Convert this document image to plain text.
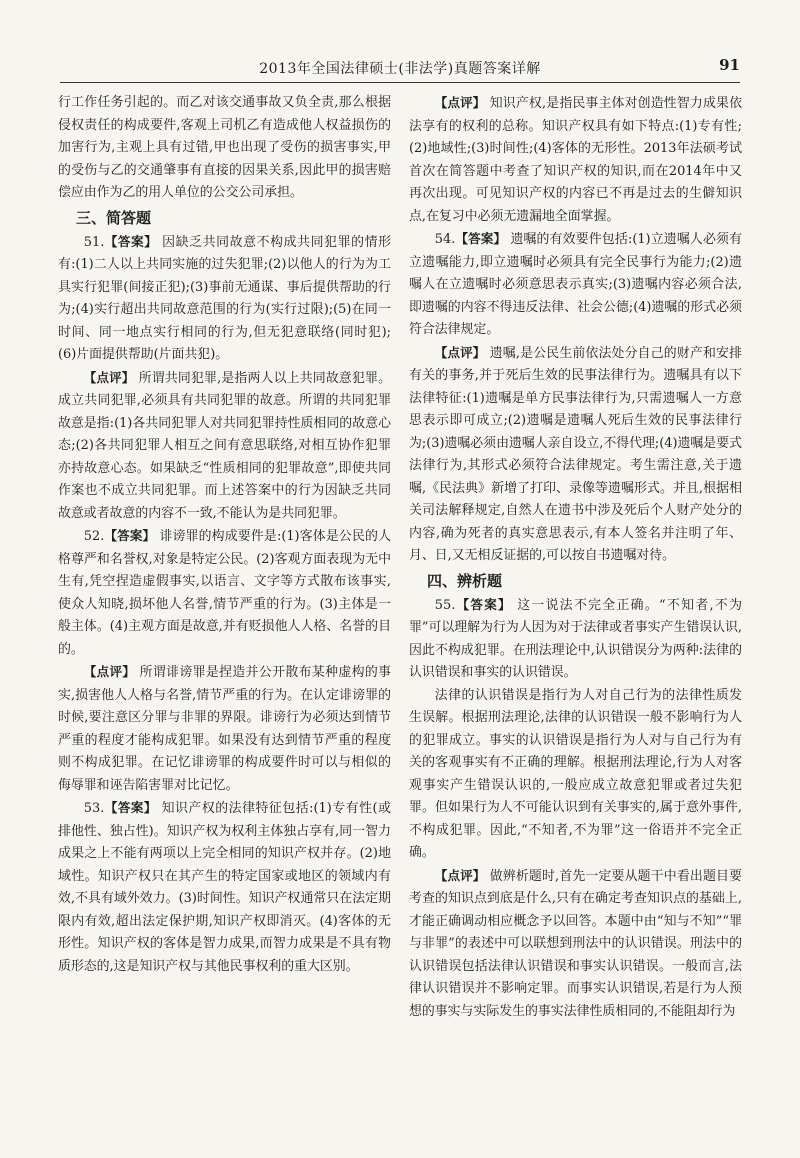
2013年全国法律硕士(非法学)真题答案详解	91

行工作任务引起的。而乙对该交通事故又负全责,那么根据侵权责任的构成要件,客观上司机乙有造成他人权益损伤的加害行为,主观上具有过错,甲也出现了受伤的损害事实,甲的受伤与乙的交通肇事有直接的因果关系,因此甲的损害赔偿应由作为乙的用人单位的公交公司承担。

三、简答题

51.【答案】 因缺乏共同故意不构成共同犯罪的情形有:(1)二人以上共同实施的过失犯罪;(2)以他人的行为为工具实行犯罪(间接正犯);(3)事前无通谋、事后提供帮助的行为;(4)实行超出共同故意范围的行为(实行过限);(5)在同一时间、同一地点实行相同的行为,但无犯意联络(同时犯);(6)片面提供帮助(片面共犯)。

【点评】 所谓共同犯罪,是指两人以上共同故意犯罪。成立共同犯罪,必须具有共同犯罪的故意。所谓的共同犯罪故意是指:(1)各共同犯罪人对共同犯罪持性质相同的故意心态;(2)各共同犯罪人相互之间有意思联络,对相互协作犯罪亦持故意心态。如果缺乏“性质相同的犯罪故意”,即使共同作案也不成立共同犯罪。而上述答案中的行为因缺乏共同故意或者故意的内容不一致,不能认为是共同犯罪。

52.【答案】 诽谤罪的构成要件是:(1)客体是公民的人格尊严和名誉权,对象是特定公民。(2)客观方面表现为无中生有,凭空捏造虚假事实,以语言、文字等方式散布该事实,使众人知晓,损坏他人名誉,情节严重的行为。(3)主体是一般主体。(4)主观方面是故意,并有贬损他人人格、名誉的目的。

【点评】 所谓诽谤罪是捏造并公开散布某种虚构的事实,损害他人人格与名誉,情节严重的行为。在认定诽谤罪的时候,要注意区分罪与非罪的界限。诽谤行为必须达到情节严重的程度才能构成犯罪。如果没有达到情节严重的程度则不构成犯罪。在记忆诽谤罪的构成要件时可以与相似的侮辱罪和诬告陷害罪对比记忆。

53.【答案】 知识产权的法律特征包括:(1)专有性(或排他性、独占性)。知识产权为权利主体独占享有,同一智力成果之上不能有两项以上完全相同的知识产权并存。(2)地域性。知识产权只在其产生的特定国家或地区的领域内有效,不具有域外效力。(3)时间性。知识产权通常只在法定期限内有效,超出法定保护期,知识产权即消灭。(4)客体的无形性。知识产权的客体是智力成果,而智力成果是不具有物质形态的,这是知识产权与其他民事权利的重大区别。

【点评】 知识产权,是指民事主体对创造性智力成果依法享有的权利的总称。知识产权具有如下特点:(1)专有性;(2)地域性;(3)时间性;(4)客体的无形性。2013年法硕考试首次在简答题中考查了知识产权的知识,而在2014年中又再次出现。可见知识产权的内容已不再是过去的生僻知识点,在复习中必须无遗漏地全面掌握。

54.【答案】 遗嘱的有效要件包括:(1)立遗嘱人必须有立遗嘱能力,即立遗嘱时必须具有完全民事行为能力;(2)遗嘱人在立遗嘱时必须意思表示真实;(3)遗嘱内容必须合法,即遗嘱的内容不得违反法律、社会公德;(4)遗嘱的形式必须符合法律规定。

【点评】 遗嘱,是公民生前依法处分自己的财产和安排有关的事务,并于死后生效的民事法律行为。遗嘱具有以下法律特征:(1)遗嘱是单方民事法律行为,只需遗嘱人一方意思表示即可成立;(2)遗嘱是遗嘱人死后生效的民事法律行为;(3)遗嘱必须由遗嘱人亲自设立,不得代理;(4)遗嘱是要式法律行为,其形式必须符合法律规定。考生需注意,关于遗嘱,《民法典》新增了打印、录像等遗嘱形式。并且,根据相关司法解释规定,自然人在遗书中涉及死后个人财产处分的内容,确为死者的真实意思表示,有本人签名并注明了年、月、日,又无相反证据的,可以按自书遗嘱对待。

四、辨析题

55.【答案】 这一说法不完全正确。“不知者,不为罪”可以理解为行为人因为对于法律或者事实产生错误认识,因此不构成犯罪。在刑法理论中,认识错误分为两种:法律的认识错误和事实的认识错误。

法律的认识错误是指行为人对自己行为的法律性质发生误解。根据刑法理论,法律的认识错误一般不影响行为人的犯罪成立。事实的认识错误是指行为人对与自己行为有关的客观事实有不正确的理解。根据刑法理论,行为人对客观事实产生错误认识的,一般应成立故意犯罪或者过失犯罪。但如果行为人不可能认识到有关事实的,属于意外事件,不构成犯罪。因此,“不知者,不为罪”这一俗语并不完全正确。

【点评】 做辨析题时,首先一定要从题干中看出题目要考查的知识点到底是什么,只有在确定考查知识点的基础上,才能正确调动相应概念予以回答。本题中由“知与不知”“罪与非罪”的表述中可以联想到刑法中的认识错误。刑法中的认识错误包括法律认识错误和事实认识错误。一般而言,法律认识错误并不影响定罪。而事实认识错误,若是行为人预想的事实与实际发生的事实法律性质相同的,不能阻却行为
